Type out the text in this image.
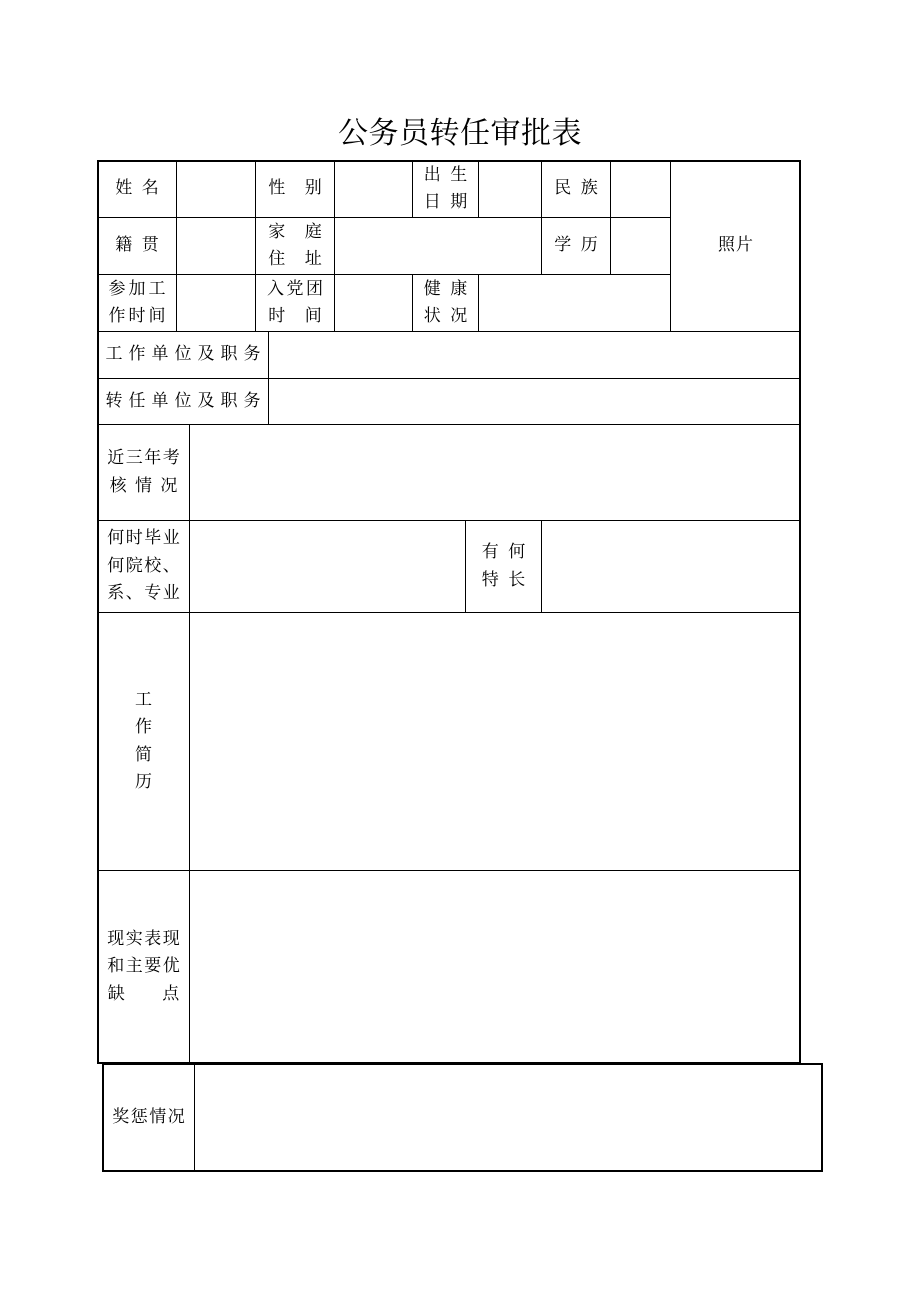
公务员转任审批表
姓 名	性 别
出 生
日 期
民 族
照片
籍 贯
家 庭
住 址
学 历
参加工
作时间
入党团
时 间
健 康
状 况
工作单位及职务
转任单位及职务
近三年考
核 情 况
何时毕业
何院校、
系、专业
有 何
特 长
工
作
简
历
现实表现
和主要优
缺 点
奖惩情况
